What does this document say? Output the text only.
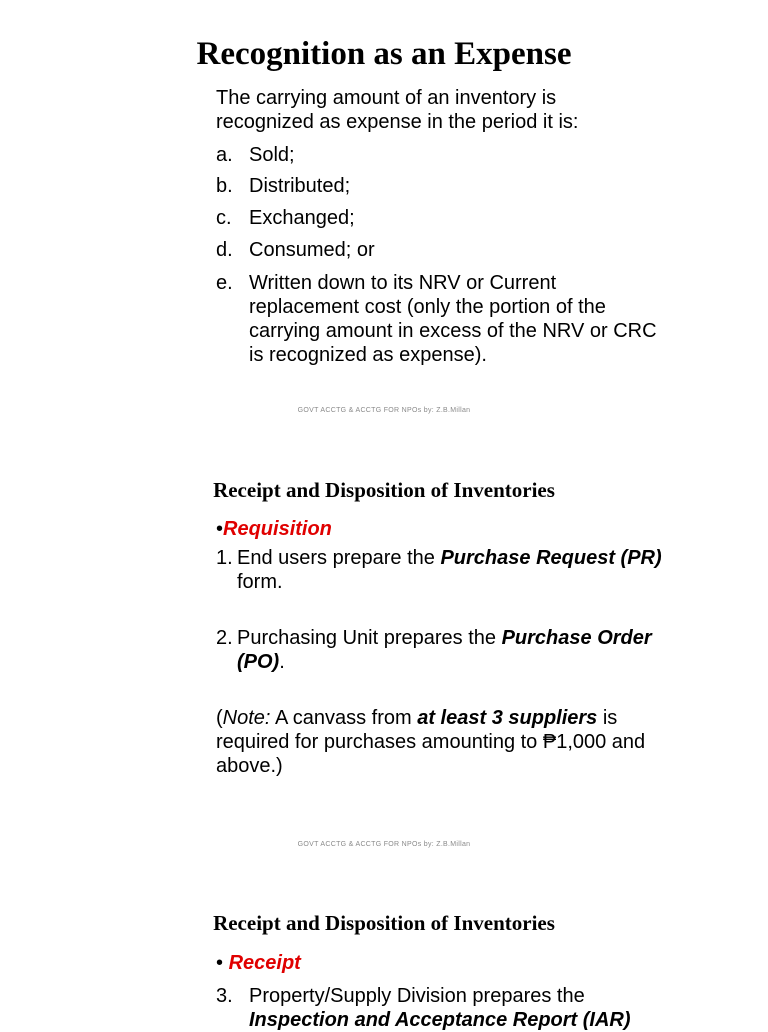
Recognition as an Expense
The carrying amount of an inventory is
recognized as expense in the period it is:
a. Sold;
b. Distributed;
c. Exchanged;
d. Consumed; or
e. Written down to its NRV or Current
replacement cost (only the portion of the
carrying amount in excess of the NRV or CRC
is recognized as expense).
GOVT ACCTG & ACCTG FOR NPOs by: Z.B.Millan
Receipt and Disposition of Inventories
•Requisition
1. End users prepare the Purchase Request (PR)
form.
2. Purchasing Unit prepares the Purchase Order
(PO).
(Note: A canvass from at least 3 suppliers is
required for purchases amounting to ₱1,000 and
above.)
GOVT ACCTG & ACCTG FOR NPOs by: Z.B.Millan
Receipt and Disposition of Inventories
• Receipt
3. Property/Supply Division prepares the
Inspection and Acceptance Report (IAR)
